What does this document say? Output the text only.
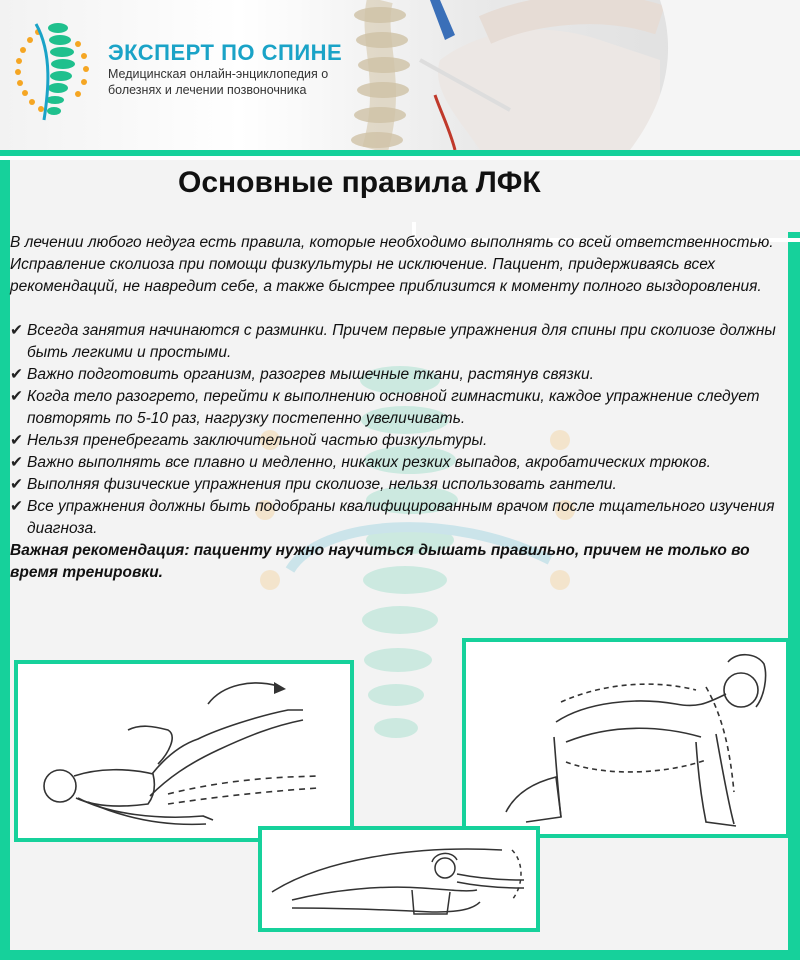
ЭКСПЕРТ ПО СПИНЕ
Медицинская онлайн-энциклопедия о болезнях и лечении позвоночника
Основные правила ЛФК

В лечении любого недуга есть правила, которые необходимо выполнять со всей ответственностью. Исправление сколиоза при помощи физкультуры не исключение. Пациент, придерживаясь всех рекомендаций, не навредит себе, а также быстрее приблизится к моменту полного выздоровления.

✔ Всегда занятия начинаются с разминки. Причем первые упражнения для спины при сколиозе должны быть легкими и простыми.
✔ Важно подготовить организм, разогрев мышечные ткани, растянув связки.
✔ Когда тело разогрето, перейти к выполнению основной гимнастики, каждое упражнение следует повторять по 5-10 раз, нагрузку постепенно увеличивать.
✔ Нельзя пренебрегать заключительной частью физкультуры.
✔ Важно выполнять все плавно и медленно, никаких резких выпадов, акробатических трюков.
✔ Выполняя физические упражнения при сколиозе, нельзя использовать гантели.
✔ Все упражнения должны быть подобраны квалифицированным врачом после тщательного изучения диагноза.

Важная рекомендация: пациенту нужно научиться дышать правильно, причем не только во время тренировки.
